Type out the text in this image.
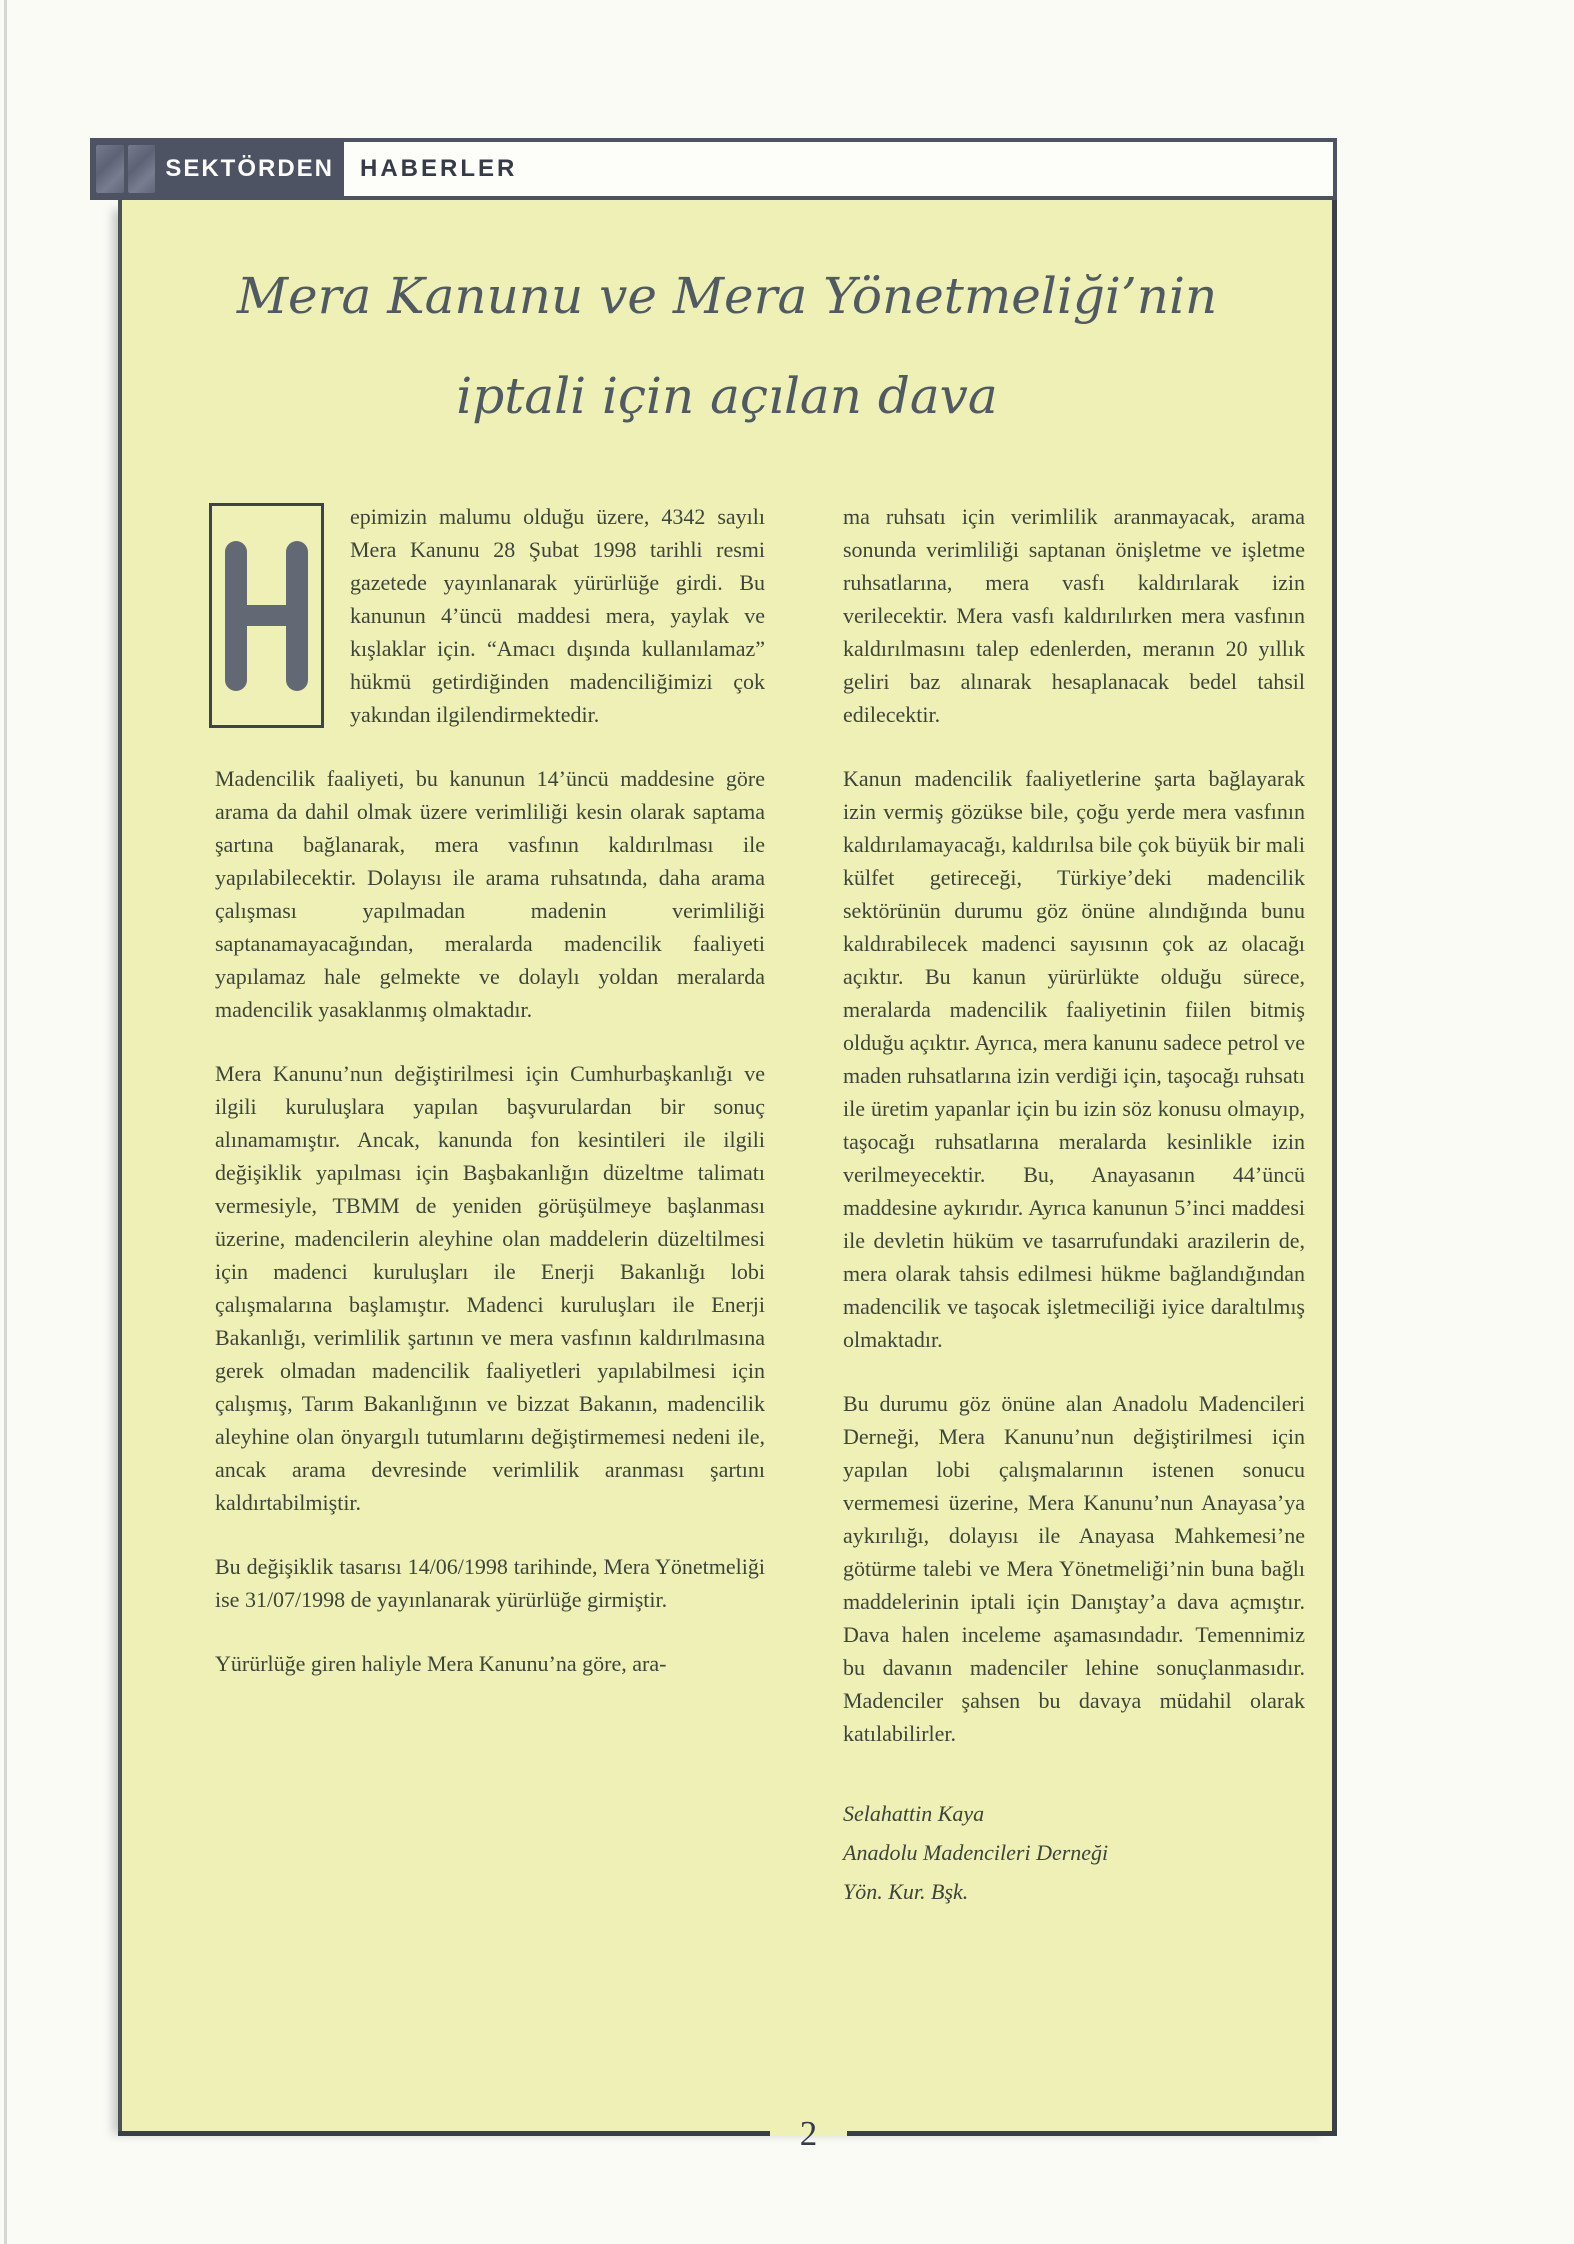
SEKTÖRDEN HABERLER
Mera Kanunu ve Mera Yönetmeliği’nin
iptali için açılan dava

epimizin malumu olduğu üzere, 4342 sayılı Mera Kanunu 28 Şubat 1998 tarihli resmi gazetede yayınlanarak yürürlüğe girdi. Bu kanunun 4’üncü maddesi mera, yaylak ve kışlaklar için. “Amacı dışında kullanılamaz” hükmü getirdiğinden madenciliğimizi çok yakından ilgilendirmektedir.

Madencilik faaliyeti, bu kanunun 14’üncü maddesine göre arama da dahil olmak üzere verimliliği kesin olarak saptama şartına bağlanarak, mera vasfının kaldırılması ile yapılabilecektir. Dolayısı ile arama ruhsatında, daha arama çalışması yapılmadan madenin verimliliği saptanamayacağından, meralarda madencilik faaliyeti yapılamaz hale gelmekte ve dolaylı yoldan meralarda madencilik yasaklanmış olmaktadır.

Mera Kanunu’nun değiştirilmesi için Cumhurbaşkanlığı ve ilgili kuruluşlara yapılan başvurulardan bir sonuç alınamamıştır. Ancak, kanunda fon kesintileri ile ilgili değişiklik yapılması için Başbakanlığın düzeltme talimatı vermesiyle, TBMM de yeniden görüşülmeye başlanması üzerine, madencilerin aleyhine olan maddelerin düzeltilmesi için madenci kuruluşları ile Enerji Bakanlığı lobi çalışmalarına başlamıştır. Madenci kuruluşları ile Enerji Bakanlığı, verimlilik şartının ve mera vasfının kaldırılmasına gerek olmadan madencilik faaliyetleri yapılabilmesi için çalışmış, Tarım Bakanlığının ve bizzat Bakanın, madencilik aleyhine olan önyargılı tutumlarını değiştirmemesi nedeni ile, ancak arama devresinde verimlilik aranması şartını kaldırtabilmiştir.

Bu değişiklik tasarısı 14/06/1998 tarihinde, Mera Yönetmeliği ise 31/07/1998 de yayınlanarak yürürlüğe girmiştir.

Yürürlüğe giren haliyle Mera Kanunu’na göre, ara-

ma ruhsatı için verimlilik aranmayacak, arama sonunda verimliliği saptanan önişletme ve işletme ruhsatlarına, mera vasfı kaldırılarak izin verilecektir. Mera vasfı kaldırılırken mera vasfının kaldırılmasını talep edenlerden, meranın 20 yıllık geliri baz alınarak hesaplanacak bedel tahsil edilecektir.

Kanun madencilik faaliyetlerine şarta bağlayarak izin vermiş gözükse bile, çoğu yerde mera vasfının kaldırılamayacağı, kaldırılsa bile çok büyük bir mali külfet getireceği, Türkiye’deki madencilik sektörünün durumu göz önüne alındığında bunu kaldırabilecek madenci sayısının çok az olacağı açıktır. Bu kanun yürürlükte olduğu sürece, meralarda madencilik faaliyetinin fiilen bitmiş olduğu açıktır. Ayrıca, mera kanunu sadece petrol ve maden ruhsatlarına izin verdiği için, taşocağı ruhsatı ile üretim yapanlar için bu izin söz konusu olmayıp, taşocağı ruhsatlarına meralarda kesinlikle izin verilmeyecektir. Bu, Anayasanın 44’üncü maddesine aykırıdır. Ayrıca kanunun 5’inci maddesi ile devletin hüküm ve tasarrufundaki arazilerin de, mera olarak tahsis edilmesi hükme bağlandığından madencilik ve taşocak işletmeciliği iyice daraltılmış olmaktadır.

Bu durumu göz önüne alan Anadolu Madencileri Derneği, Mera Kanunu’nun değiştirilmesi için yapılan lobi çalışmalarının istenen sonucu vermemesi üzerine, Mera Kanunu’nun Anayasa’ya aykırılığı, dolayısı ile Anayasa Mahkemesi’ne götürme talebi ve Mera Yönetmeliği’nin buna bağlı maddelerinin iptali için Danıştay’a dava açmıştır. Dava halen inceleme aşamasındadır. Temennimiz bu davanın madenciler lehine sonuçlanmasıdır. Madenciler şahsen bu davaya müdahil olarak katılabilirler.

Selahattin Kaya
Anadolu Madencileri Derneği
Yön. Kur. Bşk.
2
